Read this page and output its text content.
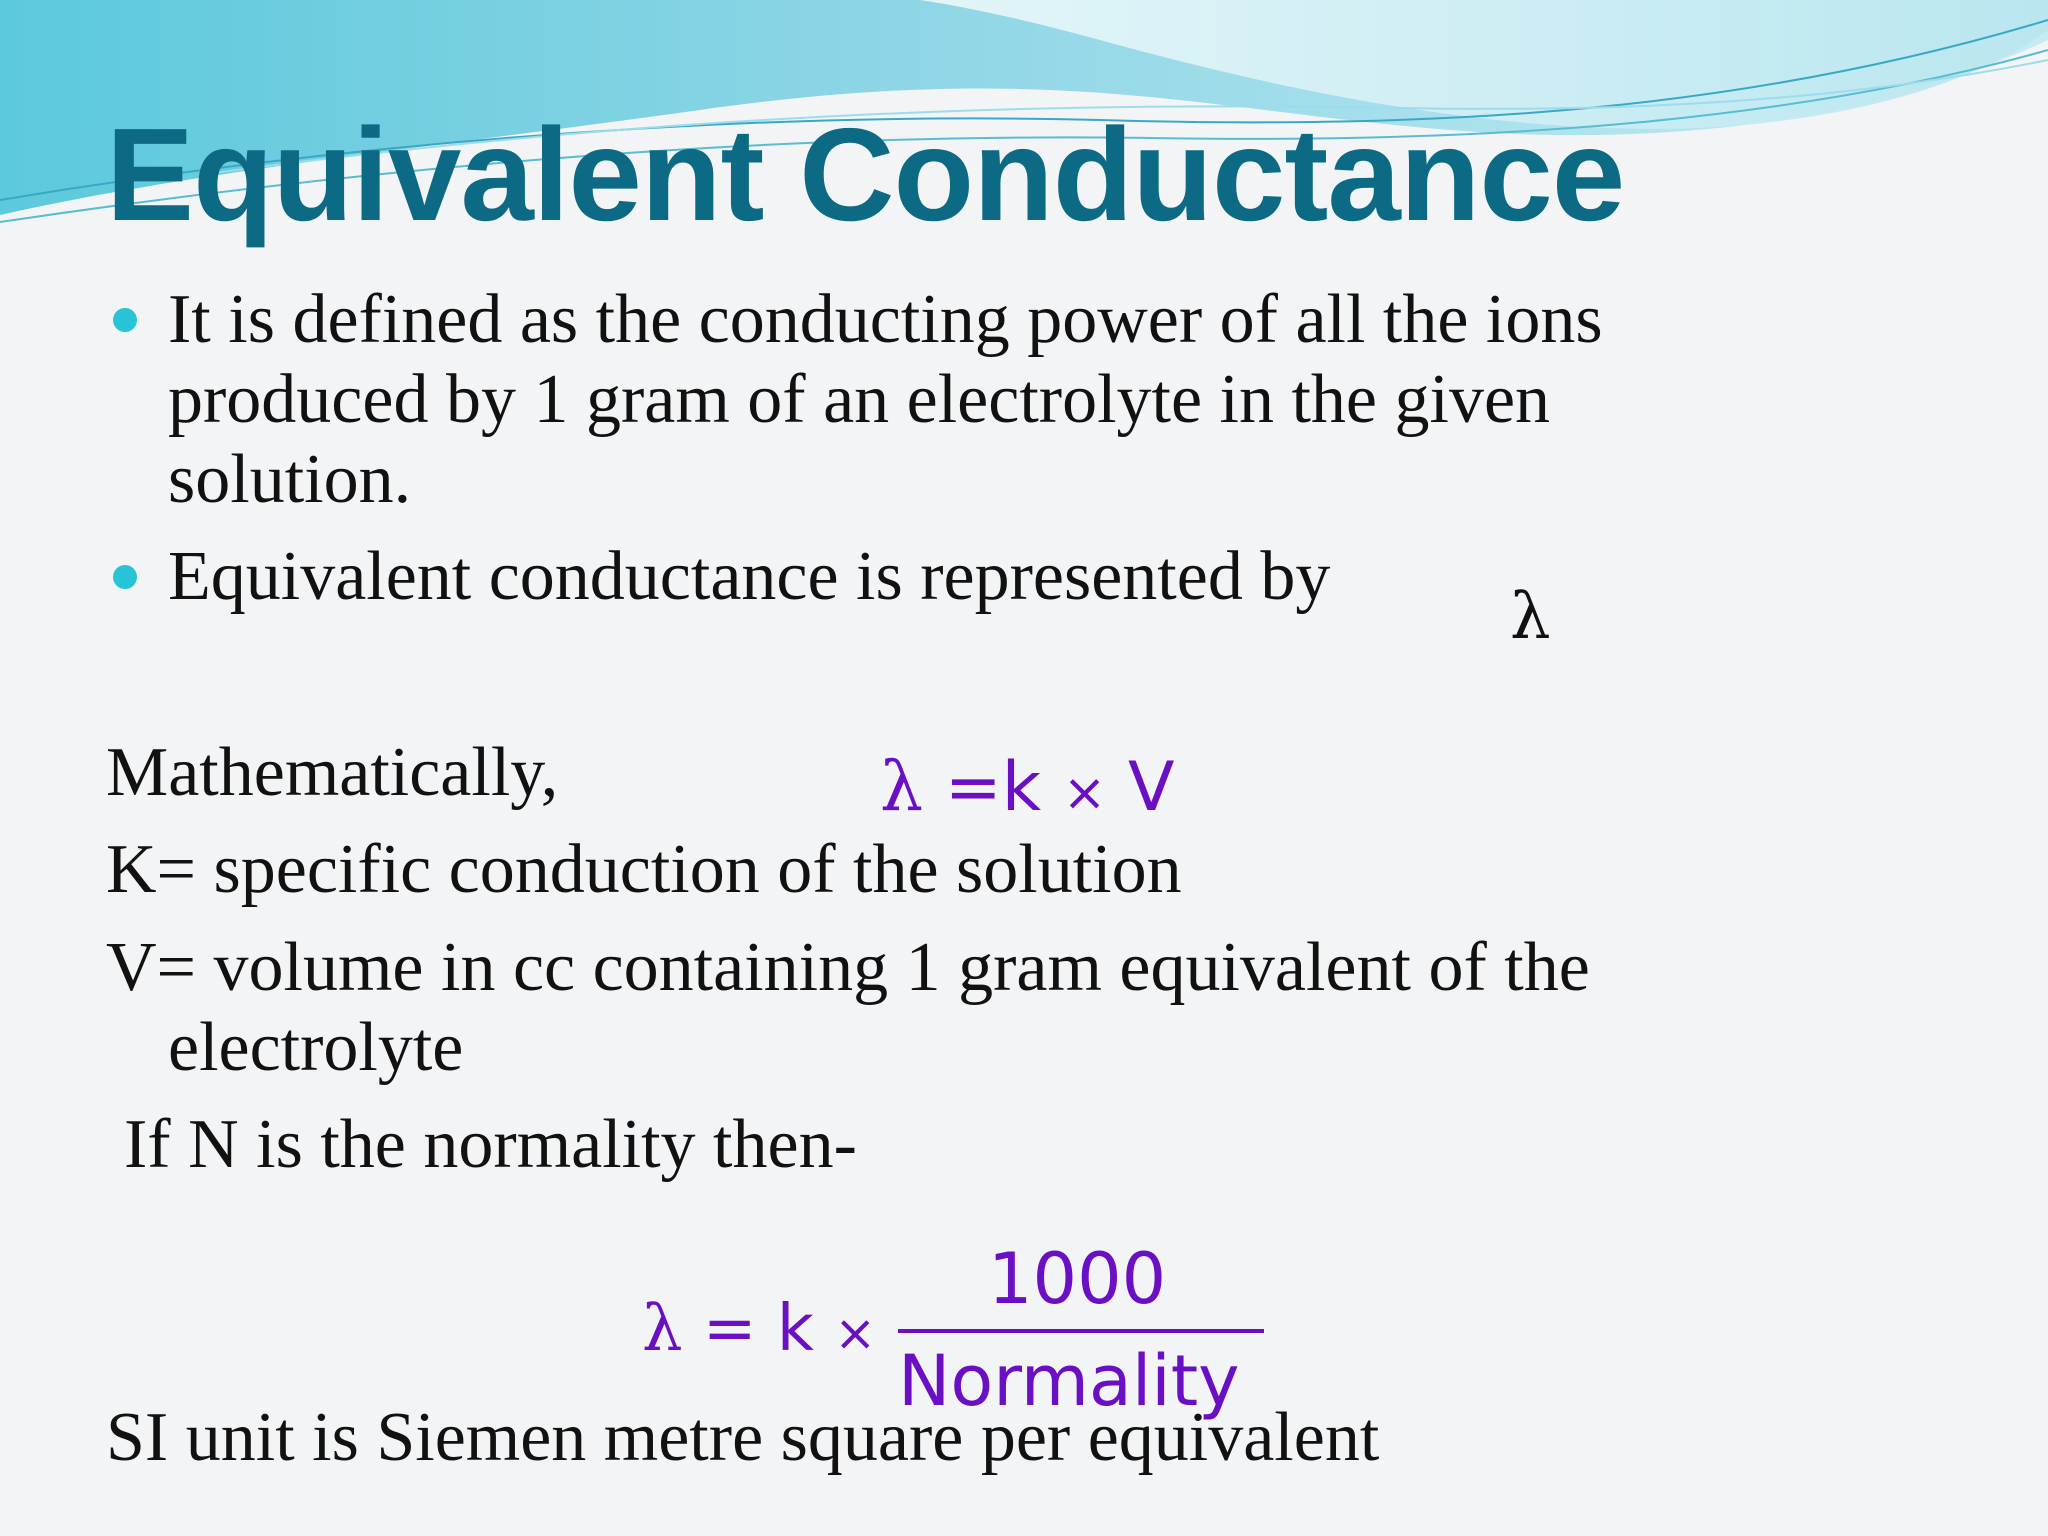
Equivalent Conductance

It is defined as the conducting power of all the ions

produced by 1 gram of an electrolyte in the given

solution.

Equivalent conductance is represented by

λ

Mathematically,	λ =k × V

K= specific conduction of the solution

V= volume in cc containing 1 gram equivalent of the

electrolyte

If N is the normality then-

λ = k ×
1000
Normality

SI unit is Siemen metre square per equivalent
